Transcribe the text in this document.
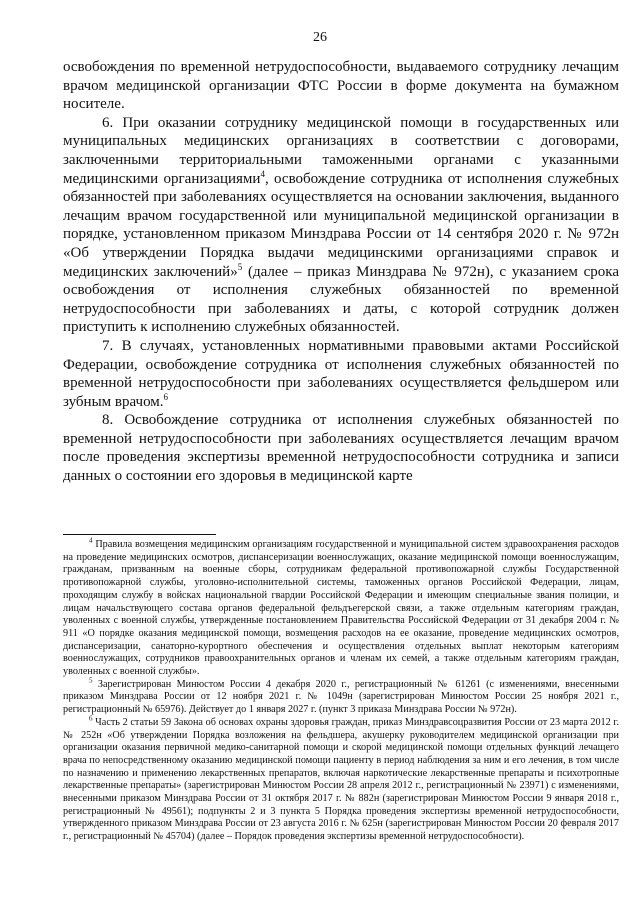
26

освобождения по временной нетрудоспособности, выдаваемого сотруднику лечащим врачом медицинской организации ФТС России в форме документа на бумажном носителе.

6. При оказании сотруднику медицинской помощи в государственных или муниципальных медицинских организациях в соответствии с договорами, заключенными территориальными таможенными органами с указанными медицинскими организациями$^4$, освобождение сотрудника от исполнения служебных обязанностей при заболеваниях осуществляется на основании заключения, выданного лечащим врачом государственной или муниципальной медицинской организации в порядке, установленном приказом Минздрава России от 14 сентября 2020 г. № 972н «Об утверждении Порядка выдачи медицинскими организациями справок и медицинских заключений»$^5$ (далее – приказ Минздрава № 972н), с указанием срока освобождения от исполнения служебных обязанностей по временной нетрудоспособности при заболеваниях и даты, с которой сотрудник должен приступить к исполнению служебных обязанностей.

7. В случаях, установленных нормативными правовыми актами Российской Федерации, освобождение сотрудника от исполнения служебных обязанностей по временной нетрудоспособности при заболеваниях осуществляется фельдшером или зубным врачом.$^6$

8. Освобождение сотрудника от исполнения служебных обязанностей по временной нетрудоспособности при заболеваниях осуществляется лечащим врачом после проведения экспертизы временной нетрудоспособности сотрудника и записи данных о состоянии его здоровья в медицинской карте

$^4$ Правила возмещения медицинским организациям государственной и муниципальной систем здравоохранения расходов на проведение медицинских осмотров, диспансеризации военнослужащих, оказание медицинской помощи военнослужащим, гражданам, призванным на военные сборы, сотрудникам федеральной противопожарной службы Государственной противопожарной службы, уголовно-исполнительной системы, таможенных органов Российской Федерации, лицам, проходящим службу в войсках национальной гвардии Российской Федерации и имеющим специальные звания полиции, и лицам начальствующего состава органов федеральной фельдъегерской связи, а также отдельным категориям граждан, уволенных с военной службы, утвержденные постановлением Правительства Российской Федерации от 31 декабря 2004 г. № 911 «О порядке оказания медицинской помощи, возмещения расходов на ее оказание, проведение медицинских осмотров, диспансеризации, санаторно-курортного обеспечения и осуществления отдельных выплат некоторым категориям военнослужащих, сотрудников правоохранительных органов и членам их семей, а также отдельным категориям граждан, уволенных с военной службы».

$^5$ Зарегистрирован Минюстом России 4 декабря 2020 г., регистрационный № 61261 (с изменениями, внесенными приказом Минздрава России от 12 ноября 2021 г. № 1049н (зарегистрирован Минюстом России 25 ноября 2021 г., регистрационный № 65976). Действует до 1 января 2027 г. (пункт 3 приказа Минздрава России № 972н).

$^6$ Часть 2 статьи 59 Закона об основах охраны здоровья граждан, приказ Минздравсоцразвития России от 23 марта 2012 г. № 252н «Об утверждении Порядка возложения на фельдшера, акушерку руководителем медицинской организации при организации оказания первичной медико-санитарной помощи и скорой медицинской помощи отдельных функций лечащего врача по непосредственному оказанию медицинской помощи пациенту в период наблюдения за ним и его лечения, в том числе по назначению и применению лекарственных препаратов, включая наркотические лекарственные препараты и психотропные лекарственные препараты» (зарегистрирован Минюстом России 28 апреля 2012 г., регистрационный № 23971) с изменениями, внесенными приказом Минздрава России от 31 октября 2017 г. № 882н (зарегистрирован Минюстом России 9 января 2018 г., регистрационный № 49561); подпункты 2 и 3 пункта 5 Порядка проведения экспертизы временной нетрудоспособности, утвержденного приказом Минздрава России от 23 августа 2016 г. № 625н (зарегистрирован Минюстом России 20 февраля 2017 г., регистрационный № 45704) (далее – Порядок проведения экспертизы временной нетрудоспособности).
